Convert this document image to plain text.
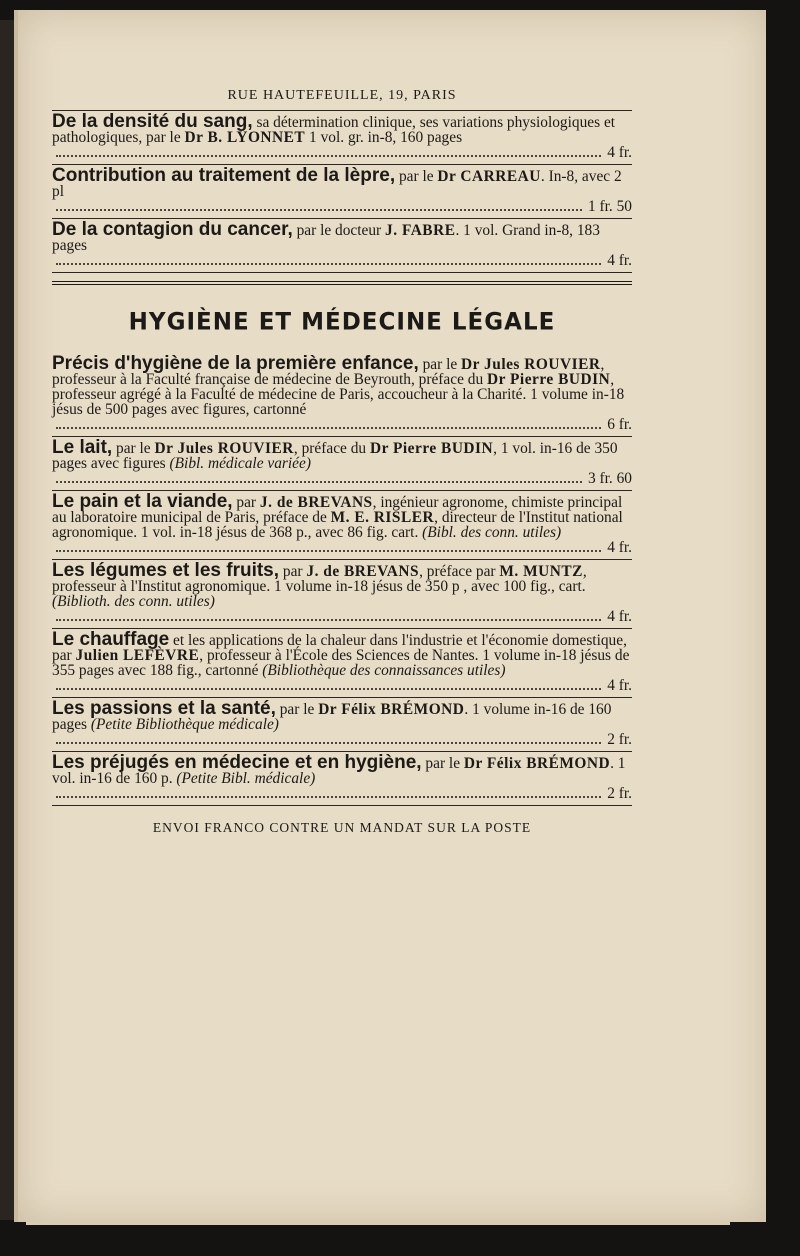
RUE HAUTEFEUILLE, 19, PARIS
De la densité du sang, sa détermination clinique, ses variations physiologiques et pathologiques, par le Dr B. LYONNET 1 vol. gr. in-8, 160 pages
4 fr.
Contribution au traitement de la lèpre, par le Dr CARREAU. In-8, avec 2 pl
1 fr. 50
De la contagion du cancer, par le docteur J. FABRE. 1 vol. Grand in-8, 183 pages
4 fr.
HYGIÈNE ET MÉDECINE LÉGALE
Précis d'hygiène de la première enfance, par le Dr Jules ROUVIER, professeur à la Faculté française de médecine de Beyrouth, préface du Dr Pierre BUDIN, professeur agrégé à la Faculté de médecine de Paris, accoucheur à la Charité. 1 volume in-18 jésus de 500 pages avec figures, cartonné
6 fr.
Le lait, par le Dr Jules ROUVIER, préface du Dr Pierre BUDIN, 1 vol. in-16 de 350 pages avec figures (Bibl. médicale variée)
3 fr. 60
Le pain et la viande, par J. de BREVANS, ingénieur agronome, chimiste principal au laboratoire municipal de Paris, préface de M. E. RISLER, directeur de l'Institut national agronomique. 1 vol. in-18 jésus de 368 p., avec 86 fig. cart. (Bibl. des conn. utiles)
4 fr.
Les légumes et les fruits, par J. de BREVANS, préface par M. MUNTZ, professeur à l'Institut agronomique. 1 volume in-18 jésus de 350 p , avec 100 fig., cart. (Biblioth. des conn. utiles)
4 fr.
Le chauffage et les applications de la chaleur dans l'industrie et l'économie domestique, par Julien LEFÈVRE, professeur à l'École des Sciences de Nantes. 1 volume in-18 jésus de 355 pages avec 188 fig., cartonné (Bibliothèque des connaissances utiles)
4 fr.
Les passions et la santé, par le Dr Félix BRÉMOND. 1 volume in-16 de 160 pages (Petite Bibliothèque médicale)
2 fr.
Les préjugés en médecine et en hygiène, par le Dr Félix BRÉMOND. 1 vol. in-16 de 160 p. (Petite Bibl. médicale)
2 fr.
ENVOI FRANCO CONTRE UN MANDAT SUR LA POSTE
